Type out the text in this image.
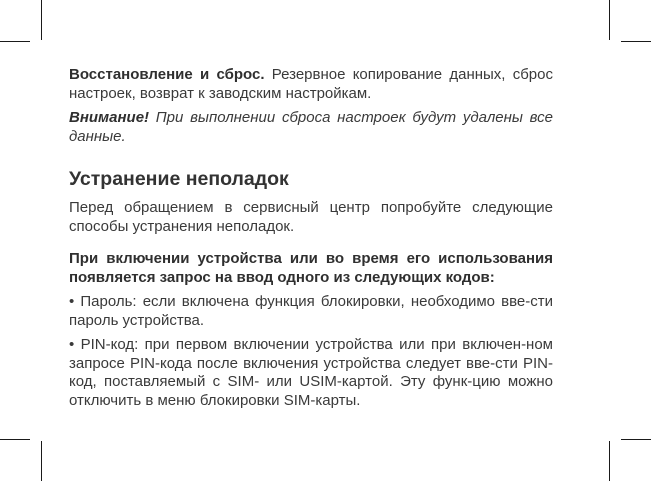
Восстановление и сброс. Резервное копирование данных, сброс настроек, возврат к заводским настройкам.

Внимание! При выполнении сброса настроек будут удалены все данные.

Устранение неполадок

Перед обращением в сервисный центр попробуйте следующие способы устранения неполадок.

При включении устройства или во время его использования появляется запрос на ввод одного из следующих кодов:

• Пароль: если включена функция блокировки, необходимо вве-сти пароль устройства.

• PIN-код: при первом включении устройства или при включен-ном запросе PIN-кода после включения устройства следует вве-сти PIN-код, поставляемый с SIM- или USIM-картой. Эту функ-цию можно отключить в меню блокировки SIM-карты.
